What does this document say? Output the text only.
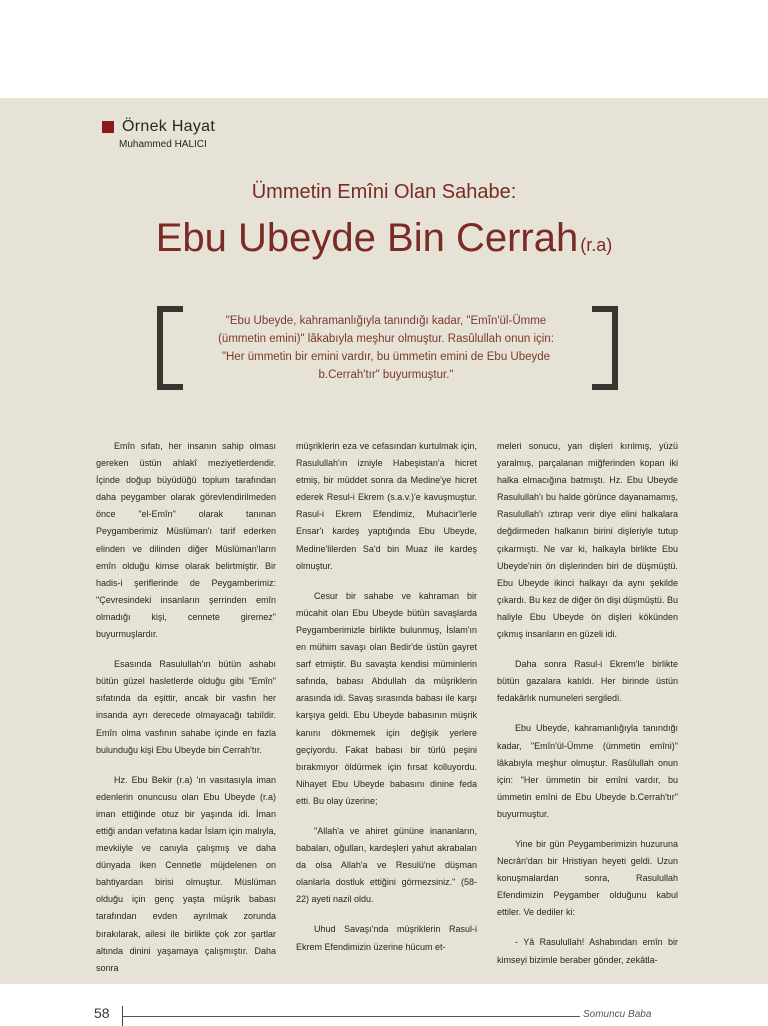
Örnek Hayat
Muhammed HALICI
Ümmetin Emîni Olan Sahabe:
Ebu Ubeyde Bin Cerrah (r.a)
"Ebu Ubeyde, kahramanlığıyla tanındığı kadar, "Emîn'ül-Ümme
(ümmetin emini)" lâkabıyla meşhur olmuştur. Rasûlullah onun için:
"Her ümmetin bir emini vardır, bu ümmetin emini de Ebu Ubeyde
b.Cerrah'tır" buyurmuştur."

Emîn sıfatı, her insanın sahip olması gereken üstün ahlakî meziyetlerdendir. İçinde doğup büyüdüğü toplum tarafından daha peygamber olarak görevlendirilmeden önce "el-Emîn" olarak tanınan Peygamberimiz Müslüman'ı tarif ederken elinden ve dilinden diğer Müslüman'ların emîn olduğu kimse olarak belirtmiştir. Bir hadis-i şeriflerinde de Peygamberimiz: "Çevresindeki insanların şerrinden emîn olmadığı kişi, cennete giremez" buyurmuşlardır.

Esasında Rasulullah'ın bütün ashabı bütün güzel hasletlerde olduğu gibi "Emîn" sıfatında da eşittir, ancak bir vasfın her insanda ayrı derecede olmayacağı tabiîdir. Emîn olma vasfının sahabe içinde en fazla bulunduğu kişi Ebu Ubeyde bin Cerrah'tır.

Hz. Ebu Bekir (r.a) 'ın vasıtasıyla iman edenlerin onuncusu olan Ebu Ubeyde (r.a) iman ettiğinde otuz bir yaşında idi. İman ettiği andan vefatına kadar İslam için malıyla, mevkiiyle ve canıyla çalışmış ve daha dünyada iken Cennetle müjdelenen on bahtiyardan birisi olmuştur. Müslüman olduğu için genç yaşta müşrik babası tarafından evden ayrılmak zorunda bırakılarak, ailesi ile birlikte çok zor şartlar altında dinini yaşamaya çalışmıştır. Daha sonra

müşriklerin eza ve cefasından kurtulmak için, Rasulullah'ın izniyle Habeşistan'a hicret etmiş, bir müddet sonra da Medine'ye hicret ederek Resul-i Ekrem (s.a.v.)'e kavuşmuştur. Rasul-i Ekrem Efendimiz, Muhacir'lerle Ensar'ı kardeş yaptığında Ebu Ubeyde, Medine'lilerden Sa'd bin Muaz ile kardeş olmuştur.

Cesur bir sahabe ve kahraman bir mücahit olan Ebu Ubeyde bütün savaşlarda Peygamberimizle birlikte bulunmuş, İslam'ın en mühim savaşı olan Bedir'de üstün gayret sarf etmiştir. Bu savaşta kendisi müminlerin safında, babası Abdullah da müşriklerin arasında idi. Savaş sırasında babası ile karşı karşıya geldi. Ebu Ubeyde babasının müşrik kanını dökmemek için değişik yerlere geçiyordu. Fakat babası bir türlü peşini bırakmıyor öldürmek için fırsat kolluyordu. Nihayet Ebu Ubeyde babasını dinine feda etti. Bu olay üzerine;

"Allah'a ve ahiret gününe inananların, babaları, oğulları, kardeşleri yahut akrabaları da olsa Allah'a ve Resulü'ne düşman olanlarla dostluk ettiğini görmezsiniz." (58-22) ayeti nazil oldu.

Uhud Savaşı'nda müşriklerin Rasul-i Ekrem Efendimizin üzerine hücum et-

meleri sonucu, yan dişleri kırılmış, yüzü yaralmış, parçalanan miğferinden kopan iki halka elmacığına batmıştı. Hz. Ebu Ubeyde Rasulullah'ı bu halde görünce dayanamamış, Rasulullah'ı ıztırap verir diye elini halkalara değdirmeden halkanın birini dişleriyle tutup çıkarmıştı. Ne var ki, halkayla birlikte Ebu Ubeyde'nin ön dişlerinden biri de düşmüştü. Ebu Ubeyde ikinci halkayı da aynı şekilde çıkardı. Bu kez de diğer ön dişi düşmüştü. Bu haliyle Ebu Ubeyde ön dişleri kökünden çıkmış insanların en güzeli idi.

Daha sonra Rasul-i Ekrem'le birlikte bütün gazalara katıldı. Her birinde üstün fedakârlık numuneleri sergiledi.

Ebu Ubeyde, kahramanlığıyla tanındığı kadar, "Emîn'ül-Ümme (ümmetin emîni)" lâkabıyla meşhur olmuştur. Rasûlullah onun için: "Her ümmetin bir emîni vardır, bu ümmetin emîni de Ebu Ubeyde b.Cerrah'tır" buyurmuştur.

Yine bir gün Peygamberimizin huzuruna Necrân'dan bir Hristiyan heyeti geldi. Uzun konuşmalardan sonra, Rasulullah Efendimizin Peygamber olduğunu kabul ettiler. Ve dediler ki:

- Yâ Rasulullah! Ashabından emîn bir kimseyi bizimle beraber gönder, zekâtla-

58	Somuncu Baba
